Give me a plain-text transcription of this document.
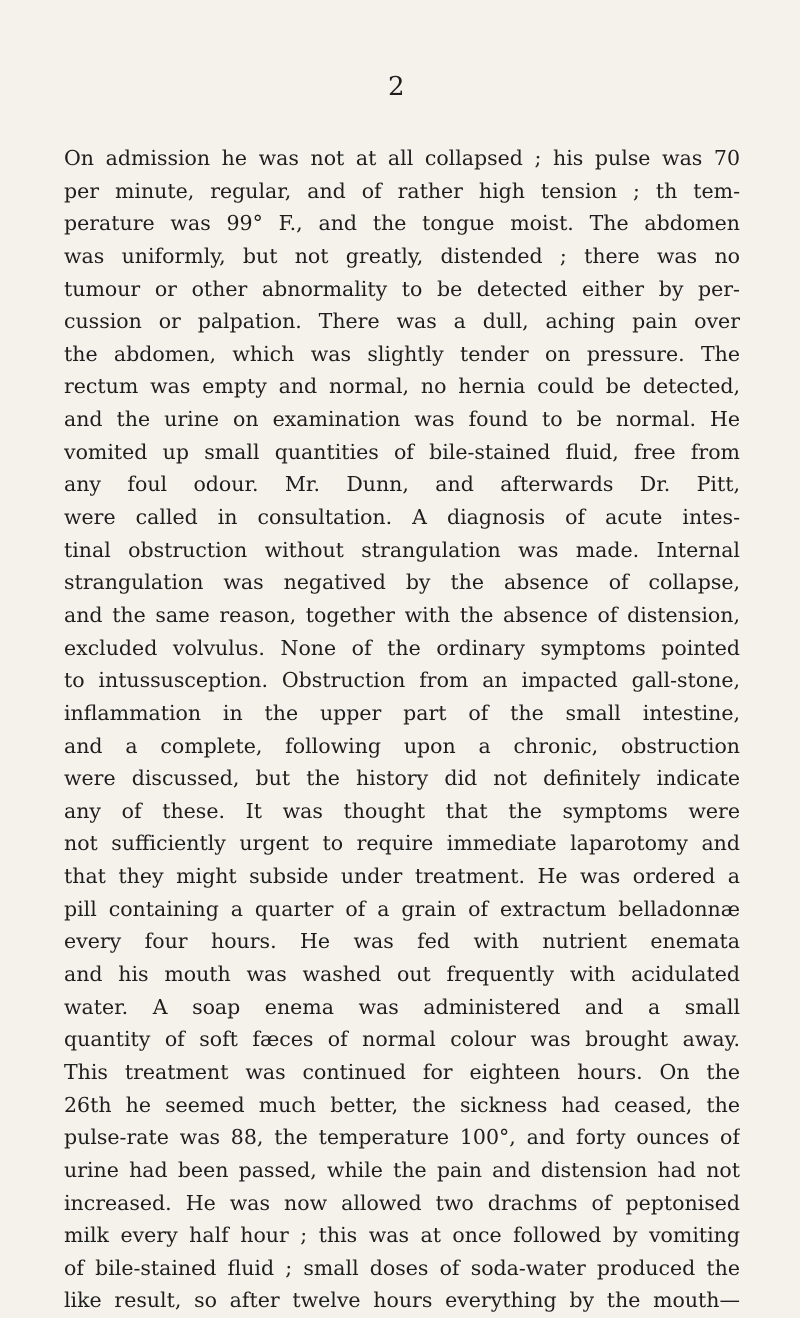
2
On admission he was not at all collapsed ; his pulse was 70
per minute, regular, and of rather high tension ; th tem-
perature was 99° F., and the tongue moist. The abdomen
was uniformly, but not greatly, distended ; there was no
tumour or other abnormality to be detected either by per-
cussion or palpation. There was a dull, aching pain over
the abdomen, which was slightly tender on pressure. The
rectum was empty and normal, no hernia could be detected,
and the urine on examination was found to be normal. He
vomited up small quantities of bile-stained fluid, free from
any foul odour. Mr. Dunn, and afterwards Dr. Pitt,
were called in consultation. A diagnosis of acute intes-
tinal obstruction without strangulation was made. Internal
strangulation was negatived by the absence of collapse,
and the same reason, together with the absence of distension,
excluded volvulus. None of the ordinary symptoms pointed
to intussusception. Obstruction from an impacted gall-stone,
inflammation in the upper part of the small intestine,
and a complete, following upon a chronic, obstruction
were discussed, but the history did not definitely indicate
any of these. It was thought that the symptoms were
not sufficiently urgent to require immediate laparotomy and
that they might subside under treatment. He was ordered a
pill containing a quarter of a grain of extractum belladonnæ
every four hours. He was fed with nutrient enemata
and his mouth was washed out frequently with acidulated
water. A soap enema was administered and a small
quantity of soft fæces of normal colour was brought away.
This treatment was continued for eighteen hours. On the
26th he seemed much better, the sickness had ceased, the
pulse-rate was 88, the temperature 100°, and forty ounces of
urine had been passed, while the pain and distension had not
increased. He was now allowed two drachms of peptonised
milk every half hour ; this was at once followed by vomiting
of bile-stained fluid ; small doses of soda-water produced the
like result, so after twelve hours everything by the mouth—
